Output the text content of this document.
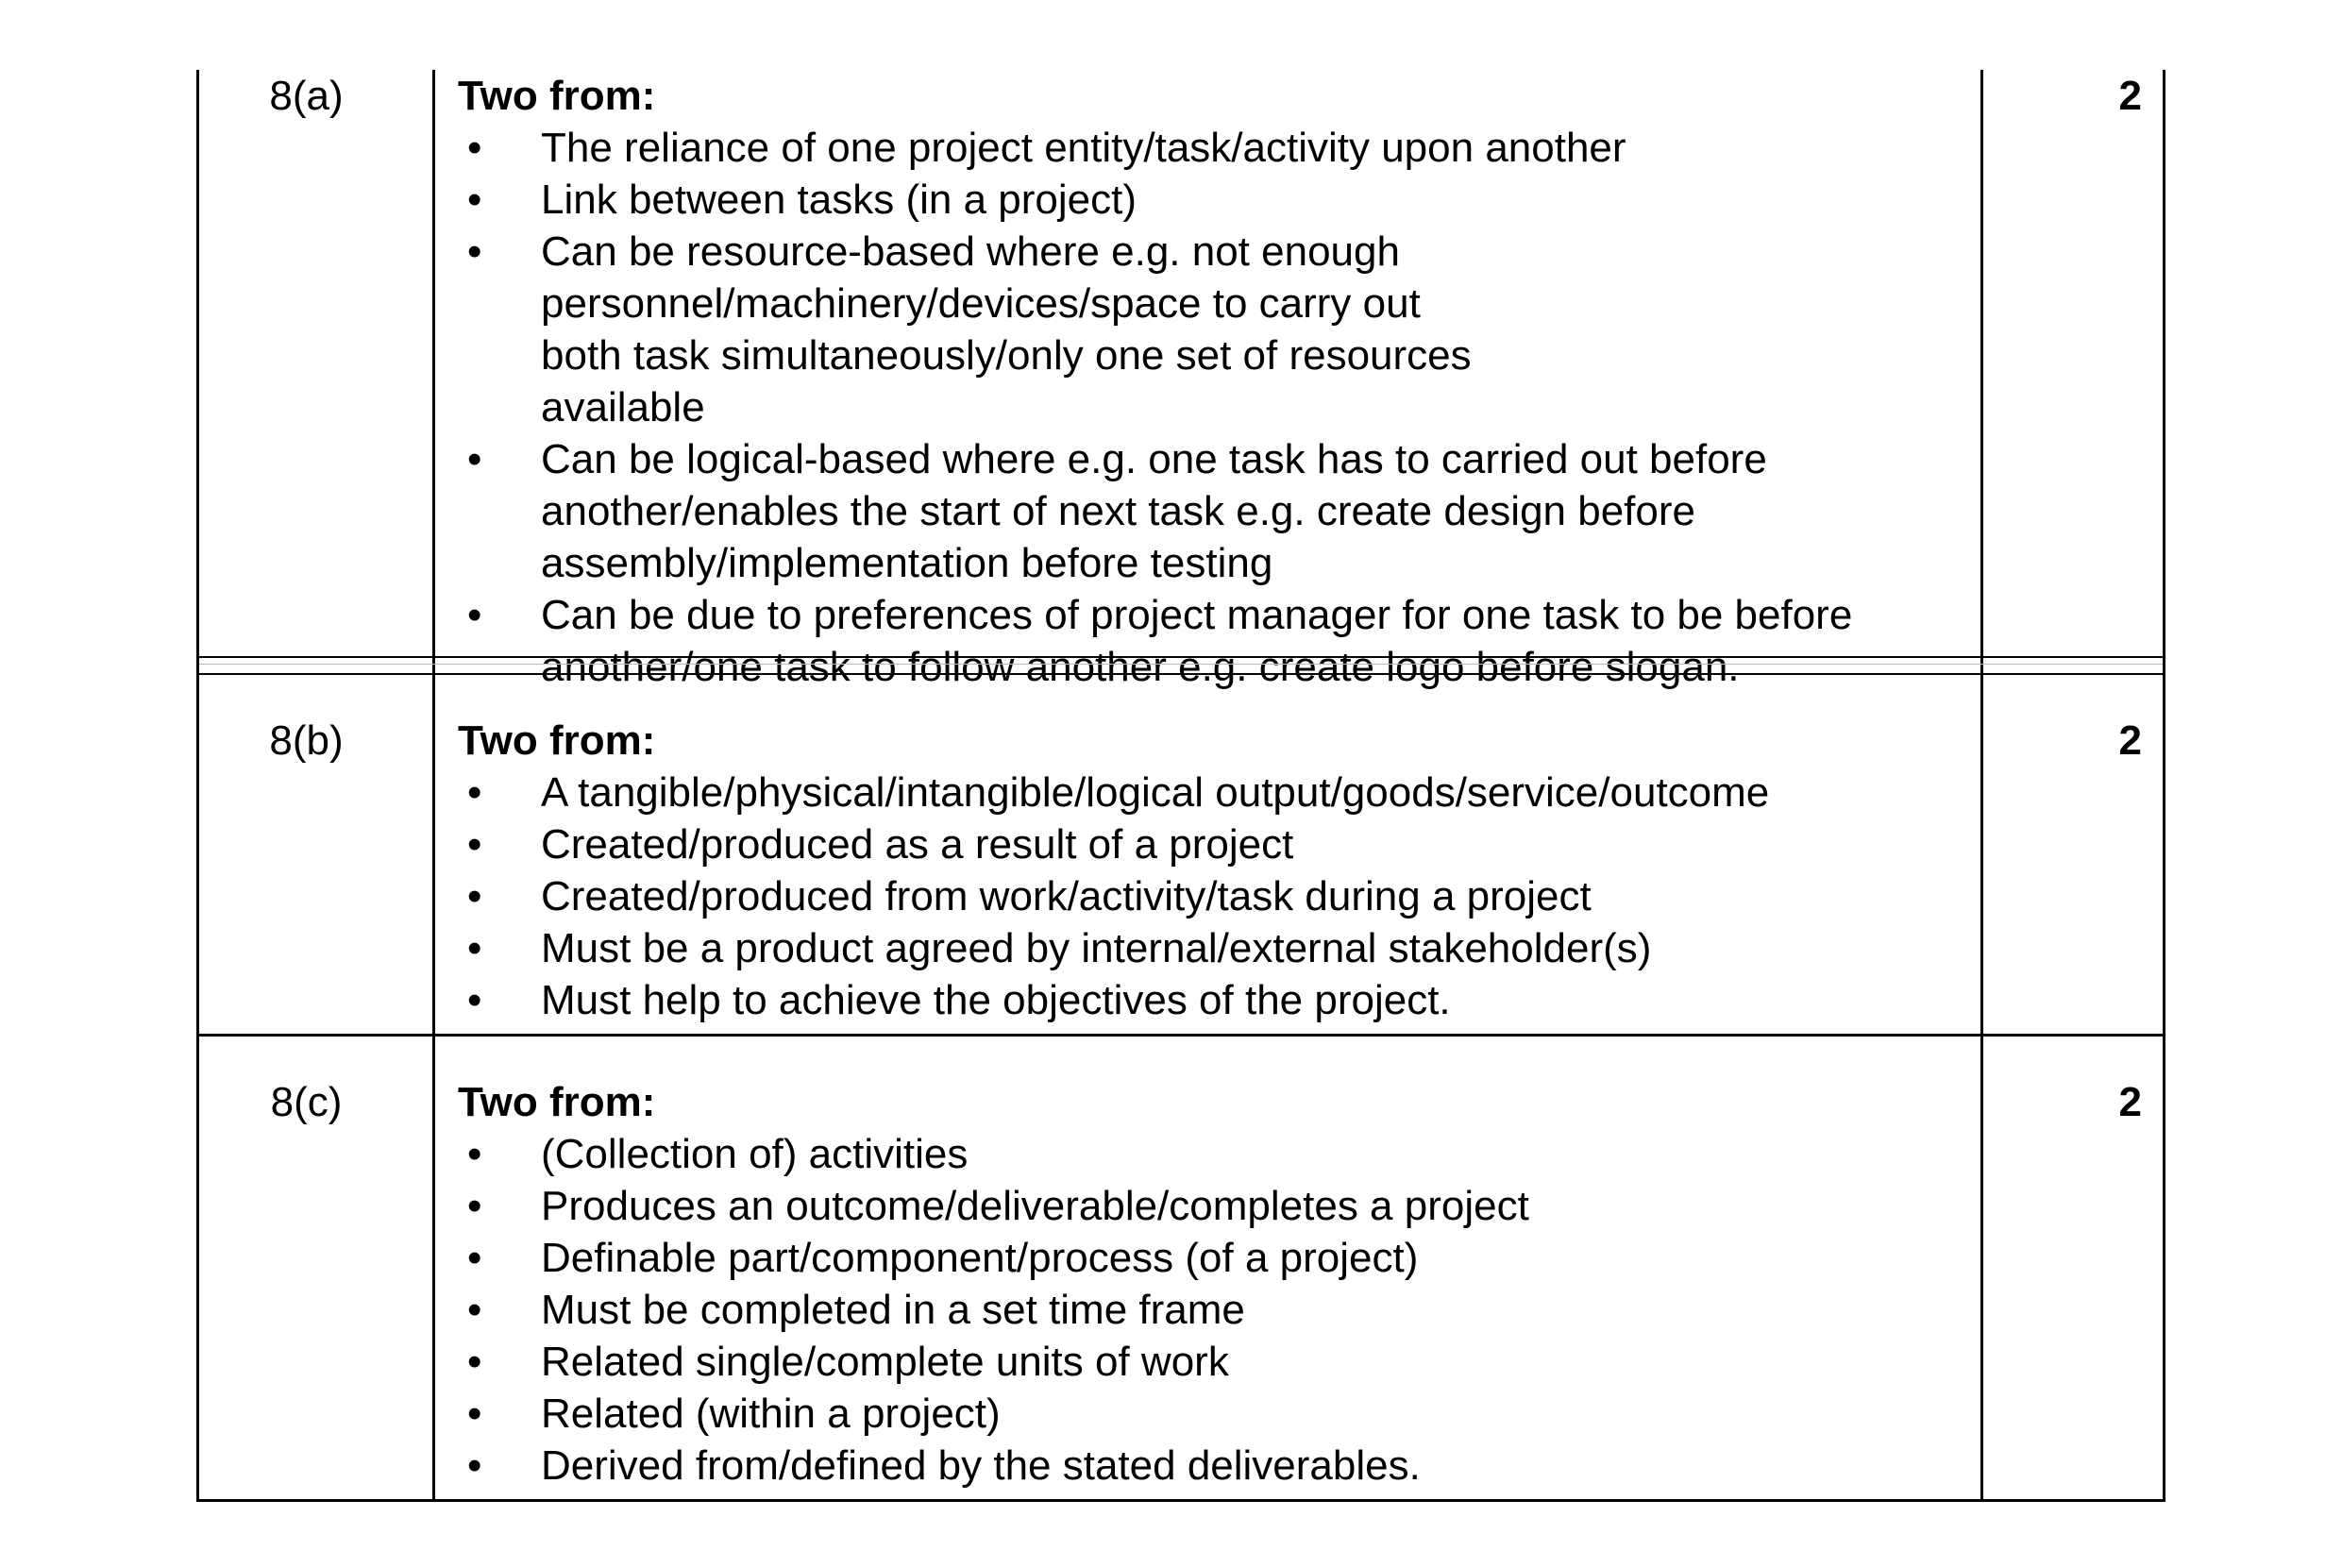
8(a)	Two from:

•	The reliance of one project entity/task/activity upon another
•	Link between tasks (in a project)
•	Can be resource-based where e.g. not enough personnel/machinery/devices/space to carry out both task simultaneously/only one set of resources available
•	Can be logical-based where e.g. one task has to carried out before another/enables the start of next task e.g. create design before assembly/implementation before testing
•	Can be due to preferences of project manager for one task to be before another/one task to follow another e.g. create logo before slogan.
2
8(b)	Two from:

•	A tangible/physical/intangible/logical output/goods/service/outcome
•	Created/produced as a result of a project
•	Created/produced from work/activity/task during a project
•	Must be a product agreed by internal/external stakeholder(s)
•	Must help to achieve the objectives of the project.
2
8(c)	Two from:

•	(Collection of) activities
•	Produces an outcome/deliverable/completes a project
•	Definable part/component/process (of a project)
•	Must be completed in a set time frame
•	Related single/complete units of work
•	Related (within a project)
•	Derived from/defined by the stated deliverables.
2
